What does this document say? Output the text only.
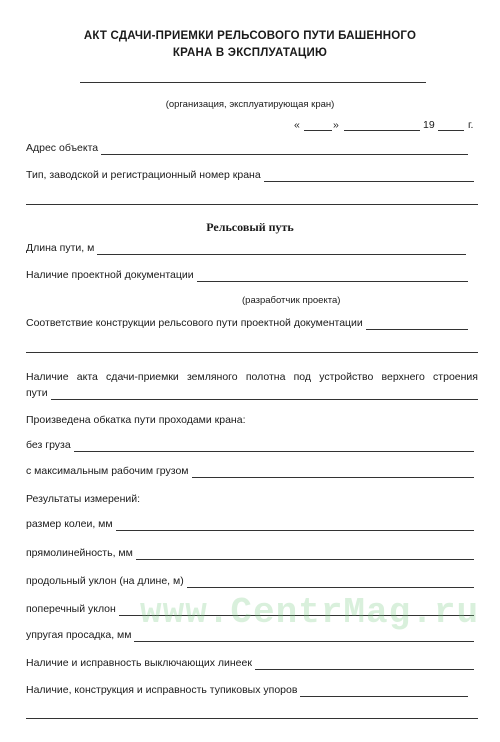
АКТ СДАЧИ-ПРИЕМКИ РЕЛЬСОВОГО ПУТИ БАШЕННОГО
КРАНА В ЭКСПЛУАТАЦИЮ
(организация, эксплуатирующая кран)
«	»	19	г.
Адрес объекта
Тип, заводской и регистрационный номер крана
Рельсовый путь
Длина пути, м
Наличие проектной документации
(разработчик проекта)
Соответствие конструкции рельсового пути проектной документации
Наличие акта сдачи-приемки земляного полотна под устройство верхнего строения
пути
Произведена обкатка пути проходами крана:
без груза
с максимальным рабочим грузом
Результаты измерений:
размер колеи, мм
прямолинейность, мм
продольный уклон (на длине, м)
поперечный уклон
упругая просадка, мм
Наличие и исправность выключающих линеек
Наличие, конструкция и исправность тупиковых упоров
www.CentrMag.ru
